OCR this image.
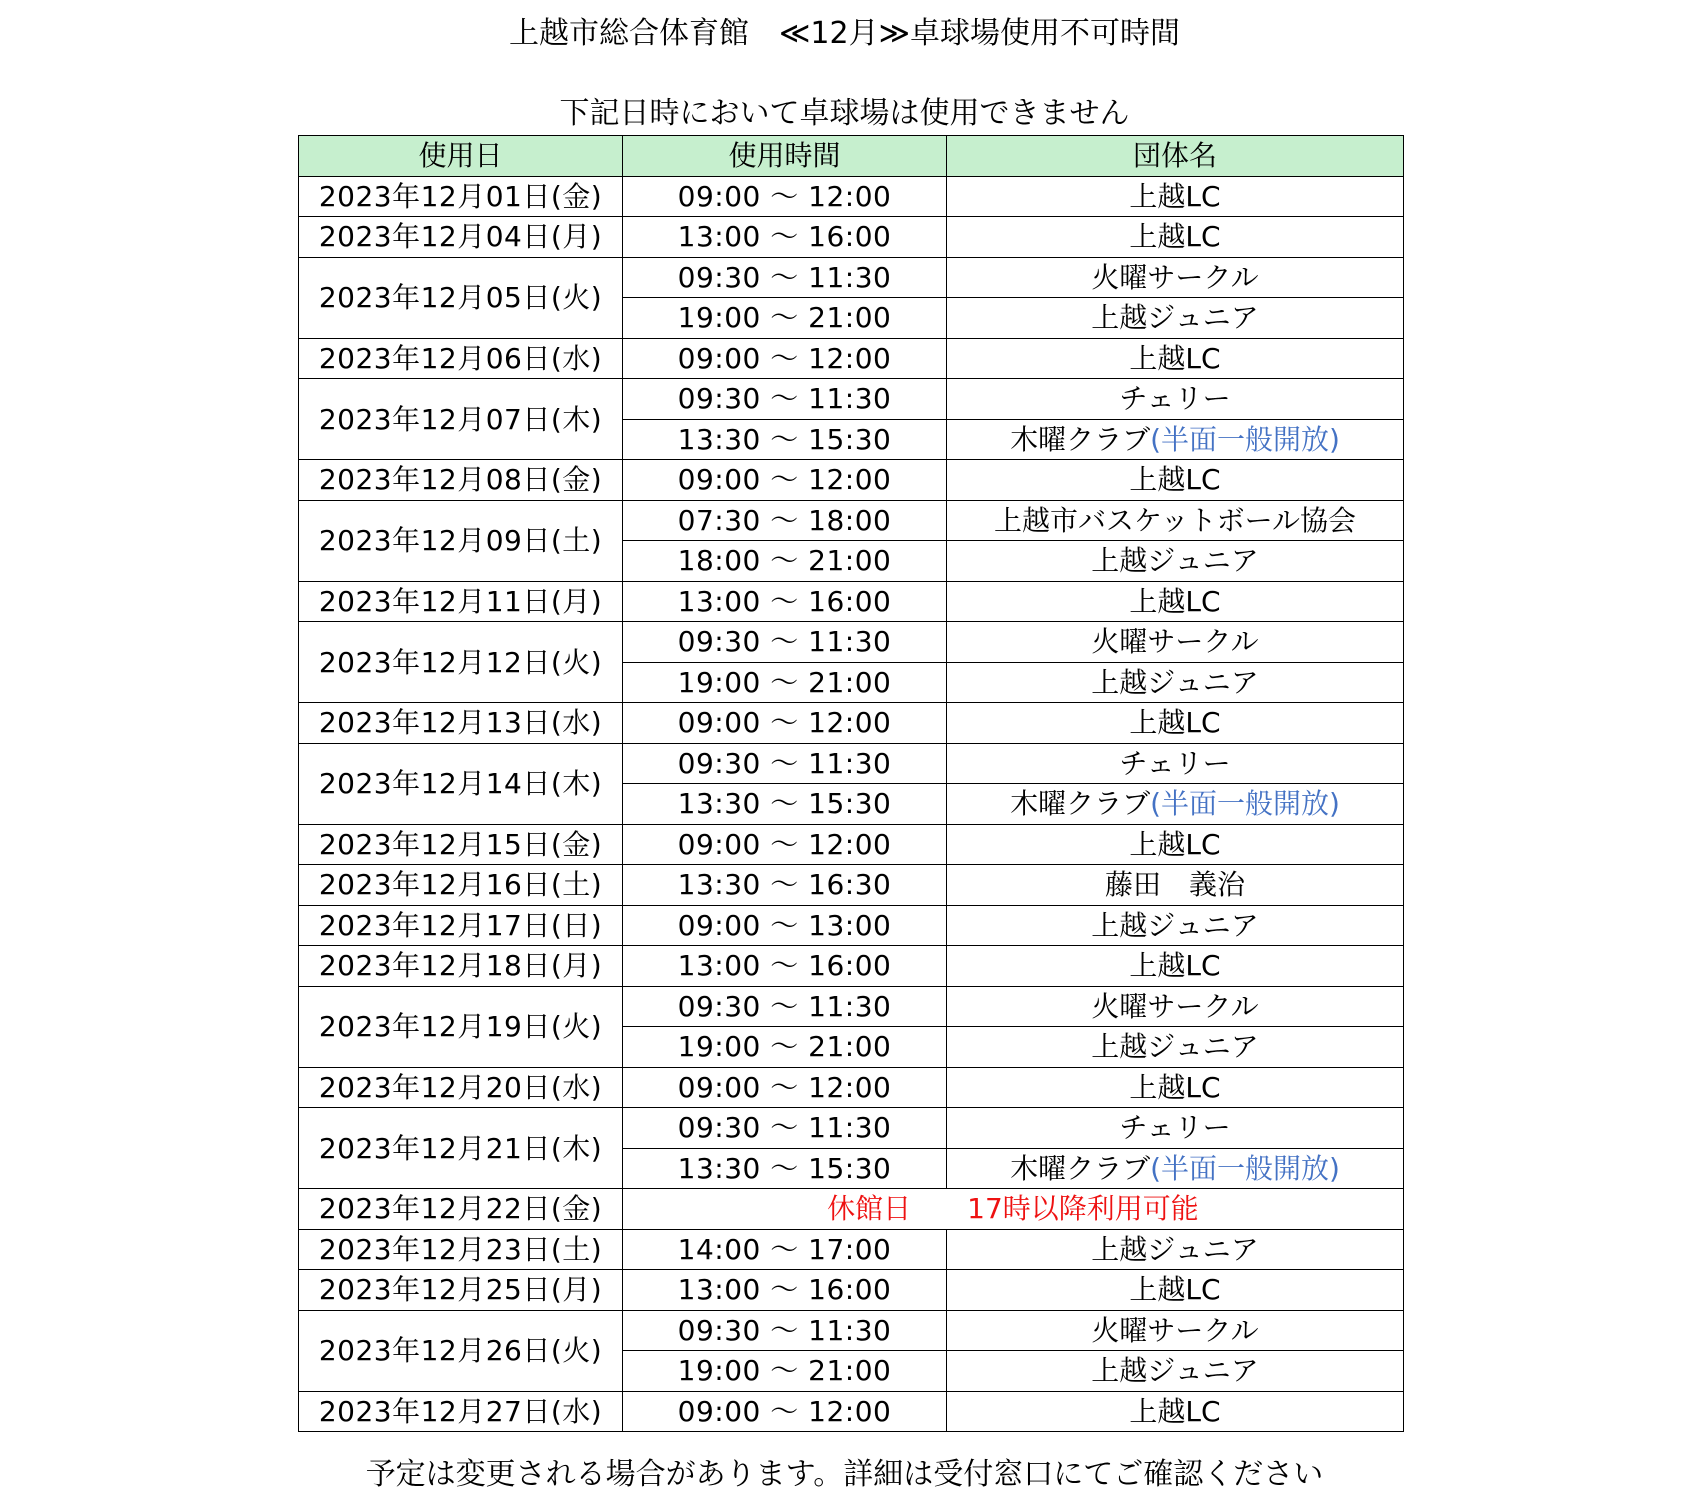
上越市総合体育館　≪12月≫卓球場使用不可時間
下記日時において卓球場は使用できません
使用日	使用時間	団体名
2023年12月01日(金)	09:00 ～ 12:00	上越LC
2023年12月04日(月)	13:00 ～ 16:00	上越LC
2023年12月05日(火)	09:30 ～ 11:30	火曜サークル
	19:00 ～ 21:00	上越ジュニア
2023年12月06日(水)	09:00 ～ 12:00	上越LC
2023年12月07日(木)	09:30 ～ 11:30	チェリー
	13:30 ～ 15:30	木曜クラブ(半面一般開放)
2023年12月08日(金)	09:00 ～ 12:00	上越LC
2023年12月09日(土)	07:30 ～ 18:00	上越市バスケットボール協会
	18:00 ～ 21:00	上越ジュニア
2023年12月11日(月)	13:00 ～ 16:00	上越LC
2023年12月12日(火)	09:30 ～ 11:30	火曜サークル
	19:00 ～ 21:00	上越ジュニア
2023年12月13日(水)	09:00 ～ 12:00	上越LC
2023年12月14日(木)	09:30 ～ 11:30	チェリー
	13:30 ～ 15:30	木曜クラブ(半面一般開放)
2023年12月15日(金)	09:00 ～ 12:00	上越LC
2023年12月16日(土)	13:30 ～ 16:30	藤田　義治
2023年12月17日(日)	09:00 ～ 13:00	上越ジュニア
2023年12月18日(月)	13:00 ～ 16:00	上越LC
2023年12月19日(火)	09:30 ～ 11:30	火曜サークル
	19:00 ～ 21:00	上越ジュニア
2023年12月20日(水)	09:00 ～ 12:00	上越LC
2023年12月21日(木)	09:30 ～ 11:30	チェリー
	13:30 ～ 15:30	木曜クラブ(半面一般開放)
2023年12月22日(金)	休館日　　17時以降利用可能	
2023年12月23日(土)	14:00 ～ 17:00	上越ジュニア
2023年12月25日(月)	13:00 ～ 16:00	上越LC
2023年12月26日(火)	09:30 ～ 11:30	火曜サークル
	19:00 ～ 21:00	上越ジュニア
2023年12月27日(水)	09:00 ～ 12:00	上越LC
予定は変更される場合があります。詳細は受付窓口にてご確認ください
